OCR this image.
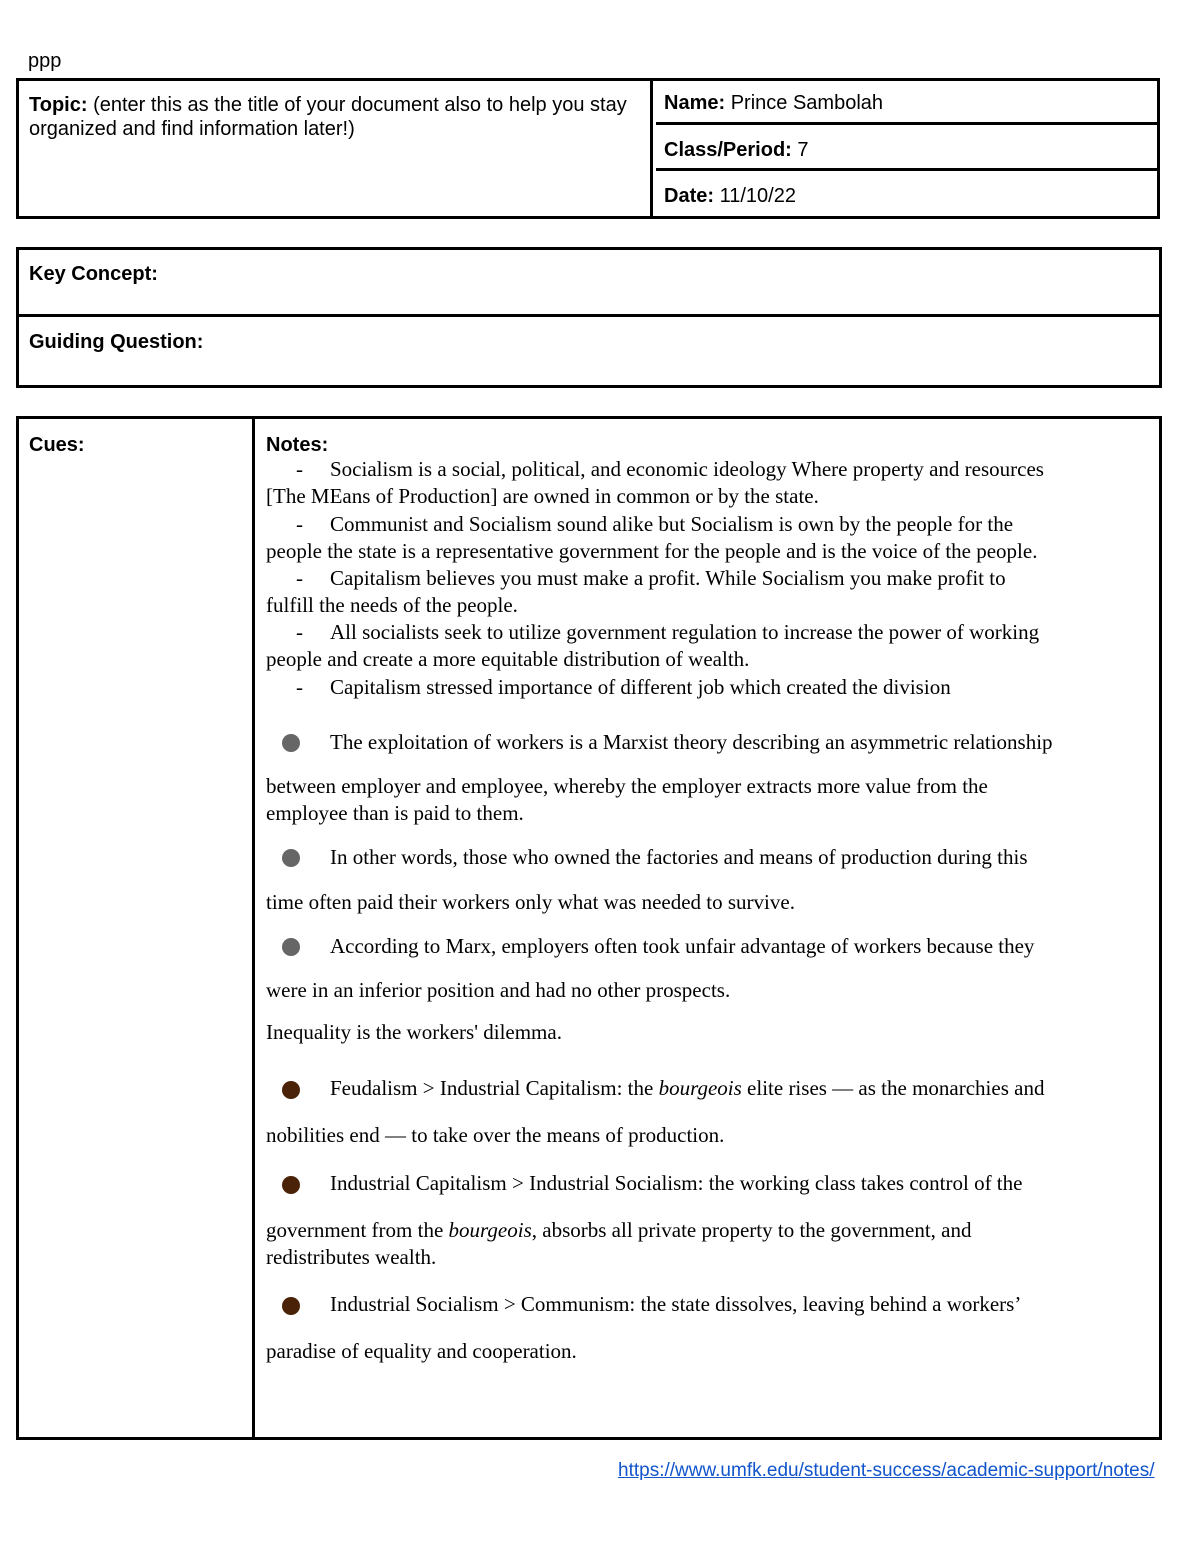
ppp
Topic: (enter this as the title of your document also to help you stay organized and find information later!)
Name: Prince Sambolah
Class/Period: 7
Date: 11/10/22
Key Concept:
Guiding Question:
Cues:	Notes:
- Socialism is a social, political, and economic ideology Where property and resources
[The MEans of Production] are owned in common or by the state.
- Communist and Socialism sound alike but Socialism is own by the people for the
people the state is a representative government for the people and is the voice of the people.
- Capitalism believes you must make a profit. While Socialism you make profit to
fulfill the needs of the people.
- All socialists seek to utilize government regulation to increase the power of working
people and create a more equitable distribution of wealth.
- Capitalism stressed importance of different job which created the division
The exploitation of workers is a Marxist theory describing an asymmetric relationship
between employer and employee, whereby the employer extracts more value from the
employee than is paid to them.
In other words, those who owned the factories and means of production during this
time often paid their workers only what was needed to survive.
According to Marx, employers often took unfair advantage of workers because they
were in an inferior position and had no other prospects.
Inequality is the workers' dilemma.
Feudalism > Industrial Capitalism: the bourgeois elite rises — as the monarchies and
nobilities end — to take over the means of production.
Industrial Capitalism > Industrial Socialism: the working class takes control of the
government from the bourgeois, absorbs all private property to the government, and
redistributes wealth.
Industrial Socialism > Communism: the state dissolves, leaving behind a workers’
paradise of equality and cooperation.
https://www.umfk.edu/student-success/academic-support/notes/
